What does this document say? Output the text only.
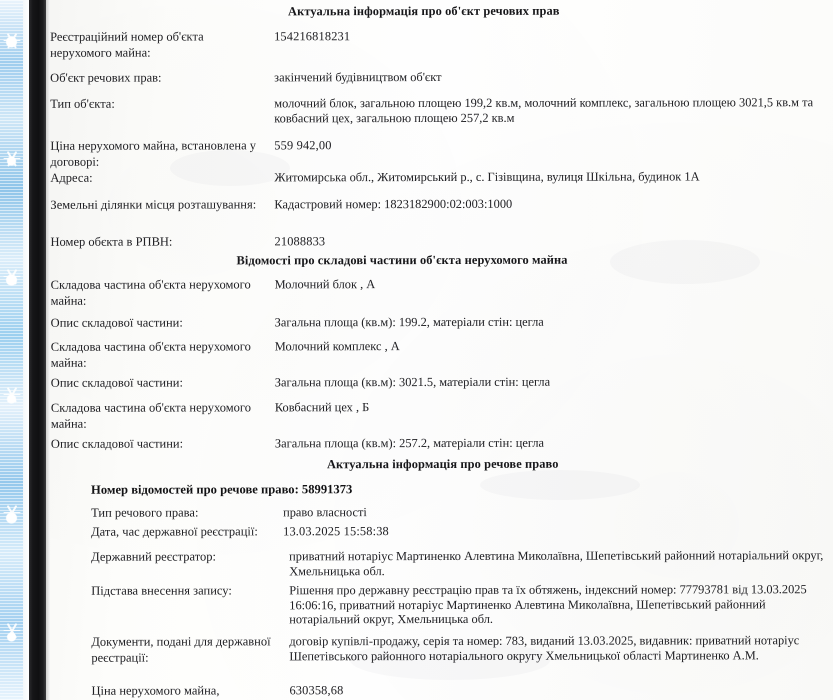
Актуальна інформація про об'єкт речових прав
Реєстраційний номер об'єкта нерухомого майна:
154216818231
Об'єкт речових прав:	закінчений будівництвом об'єкт
Тип об'єкта:	молочний блок, загальною площею 199,2 кв.м, молочний комплекс, загальною площею 3021,5 кв.м та ковбасний цех, загальною площею 257,2 кв.м
Ціна нерухомого майна, встановлена у договорі:
559 942,00
Адреса:	Житомирська обл., Житомирський р., с. Гізівщина, вулиця Шкільна, будинок 1А
Земельні ділянки місця розташування:	Кадастровий номер: 1823182900:02:003:1000
Номер обєкта в РПВН:	21088833
Відомості про складові частини об'єкта нерухомого майна
Складова частина об'єкта нерухомого майна:
Молочний блок , А
Опис складової частини:	Загальна площа (кв.м): 199.2, матеріали стін: цегла
Складова частина об'єкта нерухомого майна:
Молочний комплекс , А
Опис складової частини:	Загальна площа (кв.м): 3021.5, матеріали стін: цегла
Складова частина об'єкта нерухомого майна:
Ковбасний цех , Б
Опис складової частини:	Загальна площа (кв.м): 257.2, матеріали стін: цегла
Актуальна інформація про речове право
Номер відомостей про речове право: 58991373
Тип речового права:	право власності
Дата, час державної реєстрації:	13.03.2025 15:58:38
Державний реєстратор:	приватний нотаріус Мартиненко Алевтина Миколаївна, Шепетівський районний нотаріальний округ, Хмельницька обл.
Підстава внесення запису:	Рішення про державну реєстрацію прав та їх обтяжень, індексний номер: 77793781 від 13.03.2025 16:06:16, приватний нотаріус Мартиненко Алевтина Миколаївна, Шепетівський районний нотаріальний округ, Хмельницька обл.
Документи, подані для державної реєстрації:
договір купівлі-продажу, серія та номер: 783, виданий 13.03.2025, видавник: приватний нотаріус Шепетівського районного нотаріального округу Хмельницької області Мартиненко А.М.
Ціна нерухомого майна,	630358,68
